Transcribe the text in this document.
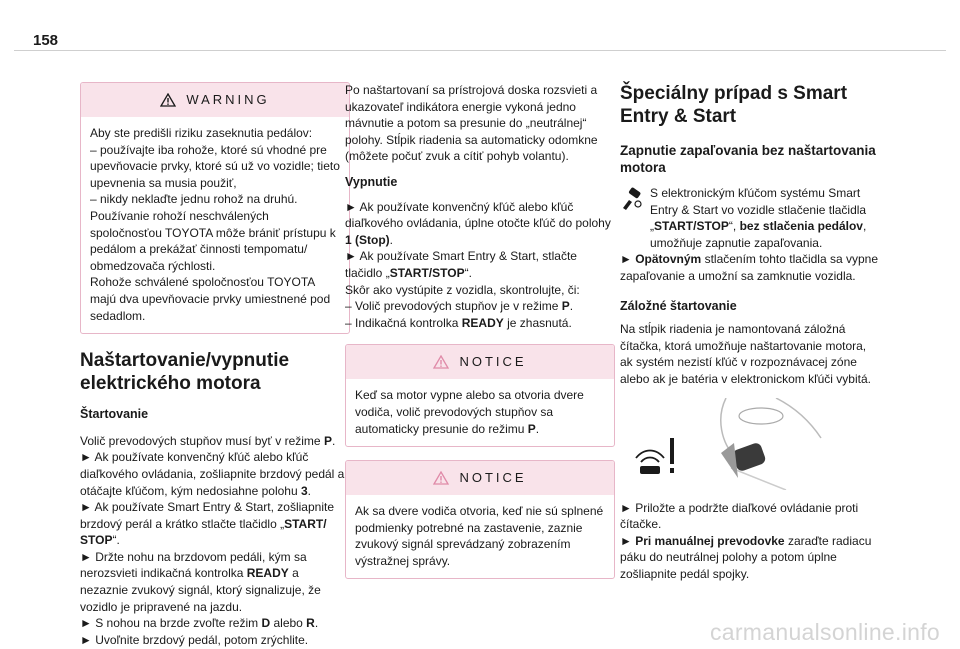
158
WARNING

Aby ste predišli riziku zaseknutia pedálov:

– používajte iba rohože, ktoré sú vhodné pre upevňovacie prvky, ktoré sú už vo vozidle; tieto upevnenia sa musia použiť,

– nikdy neklaďte jednu rohož na druhú.

Používanie rohoží neschválených spoločnosťou TOYOTA môže brániť prístupu k pedálom a prekážať činnosti tempomatu/ obmedzovača rýchlosti.

Rohože schválené spoločnosťou TOYOTA majú dva upevňovacie prvky umiestnené pod sedadlom.

Naštartovanie/vypnutie elektrického motora
Štartovanie

Volič prevodových stupňov musí byť v režime P.

► Ak používate konvenčný kľúč alebo kľúč diaľkového ovládania, zošliapnite brzdový pedál a otáčajte kľúčom, kým nedosiahne polohu 3.

► Ak používate Smart Entry & Start, zošliapnite brzdový perál a krátko stlačte tlačidlo „START/ STOP“.

► Držte nohu na brzdovom pedáli, kým sa nerozsvieti indikačná kontrolka READY a nezaznie zvukový signál, ktorý signalizuje, že vozidlo je pripravené na jazdu.

► S nohou na brzde zvoľte režim D alebo R.

► Uvoľnite brzdový pedál, potom zrýchlite.

Po naštartovaní sa prístrojová doska rozsvieti a ukazovateľ indikátora energie vykoná jedno mávnutie a potom sa presunie do „neutrálnej“ polohy. Stĺpik riadenia sa automaticky odomkne (môžete počuť zvuk a cítiť pohyb volantu).

Vypnutie

► Ak používate konvenčný kľúč alebo kľúč diaľkového ovládania, úplne otočte kľúč do polohy 1 (Stop).

► Ak používate Smart Entry & Start, stlačte tlačidlo „START/STOP“.

Skôr ako vystúpite z vozidla, skontrolujte, či:

– Volič prevodových stupňov je v režime P.

– Indikačná kontrolka READY je zhasnutá.

NOTICE

Keď sa motor vypne alebo sa otvoria dvere vodiča, volič prevodových stupňov sa automaticky presunie do režimu P.

NOTICE

Ak sa dvere vodiča otvoria, keď nie sú splnené podmienky potrebné na zastavenie, zaznie zvukový signál sprevádzaný zobrazením výstražnej správy.

Špeciálny prípad s Smart Entry & Start
Zapnutie zapaľovania bez naštartovania motora

S elektronickým kľúčom systému Smart Entry & Start vo vozidle stlačenie tlačidla „START/STOP“, bez stlačenia pedálov, umožňuje zapnutie zapaľovania.

► Opätovným stlačením tohto tlačidla sa vypne zapaľovanie a umožní sa zamknutie vozidla.

Záložné štartovanie

Na stĺpik riadenia je namontovaná záložná čítačka, ktorá umožňuje naštartovanie motora, ak systém nezistí kľúč v rozpoznávacej zóne alebo ak je batéria v elektronickom kľúči vybitá.

► Priložte a podržte diaľkové ovládanie proti čítačke.

► Pri manuálnej prevodovke zaraďte radiacu páku do neutrálnej polohy a potom úplne zošliapnite pedál spojky.

carmanualsonline.info
